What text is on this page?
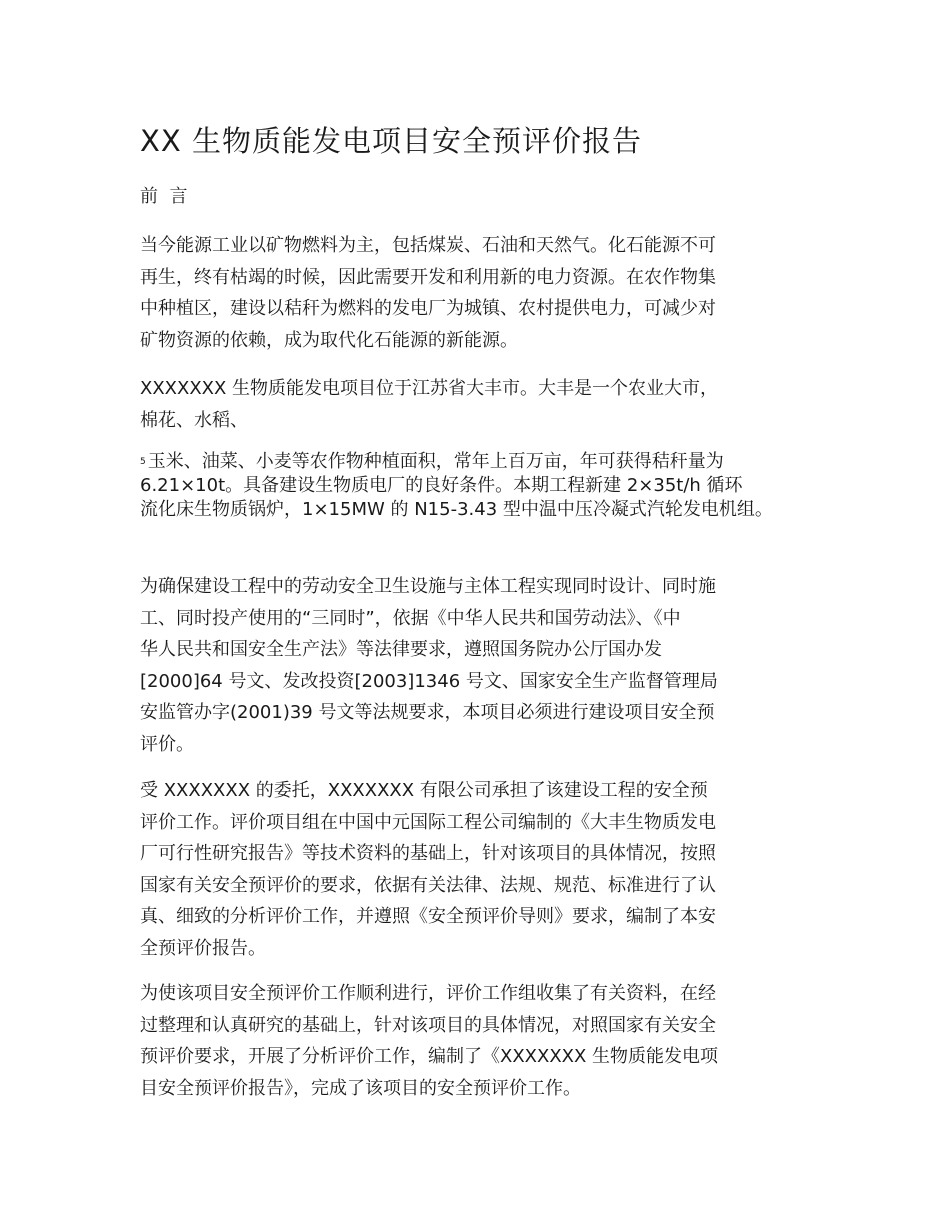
XX 生物质能发电项目安全预评价报告
前  言

当今能源工业以矿物燃料为主，包括煤炭、石油和天然气。化石能源不可
再生，终有枯竭的时候，因此需要开发和利用新的电力资源。在农作物集
中种植区，建设以秸秆为燃料的发电厂为城镇、农村提供电力，可减少对
矿物资源的依赖，成为取代化石能源的新能源。

XXXXXXX 生物质能发电项目位于江苏省大丰市。大丰是一个农业大市，
棉花、水稻、

$^5$ 玉米、油菜、小麦等农作物种植面积，常年上百万亩，年可获得秸秆量为
6.21×10t。具备建设生物质电厂的良好条件。本期工程新建 2×35t/h 循环
流化床生物质锅炉，1×15MW 的 N15-3.43 型中温中压冷凝式汽轮发电机组。

为确保建设工程中的劳动安全卫生设施与主体工程实现同时设计、同时施
工、同时投产使用的“三同时”，依据《中华人民共和国劳动法》、《中
华人民共和国安全生产法》等法律要求，遵照国务院办公厅国办发
[2000]64 号文、发改投资[2003]1346 号文、国家安全生产监督管理局
安监管办字(2001)39 号文等法规要求，本项目必须进行建设项目安全预
评价。

受 XXXXXXX 的委托，XXXXXXX 有限公司承担了该建设工程的安全预
评价工作。评价项目组在中国中元国际工程公司编制的《大丰生物质发电
厂可行性研究报告》等技术资料的基础上，针对该项目的具体情况，按照
国家有关安全预评价的要求，依据有关法律、法规、规范、标准进行了认
真、细致的分析评价工作，并遵照《安全预评价导则》要求，编制了本安
全预评价报告。

为使该项目安全预评价工作顺利进行，评价工作组收集了有关资料，在经
过整理和认真研究的基础上，针对该项目的具体情况，对照国家有关安全
预评价要求，开展了分析评价工作，编制了《XXXXXXX 生物质能发电项
目安全预评价报告》，完成了该项目的安全预评价工作。
